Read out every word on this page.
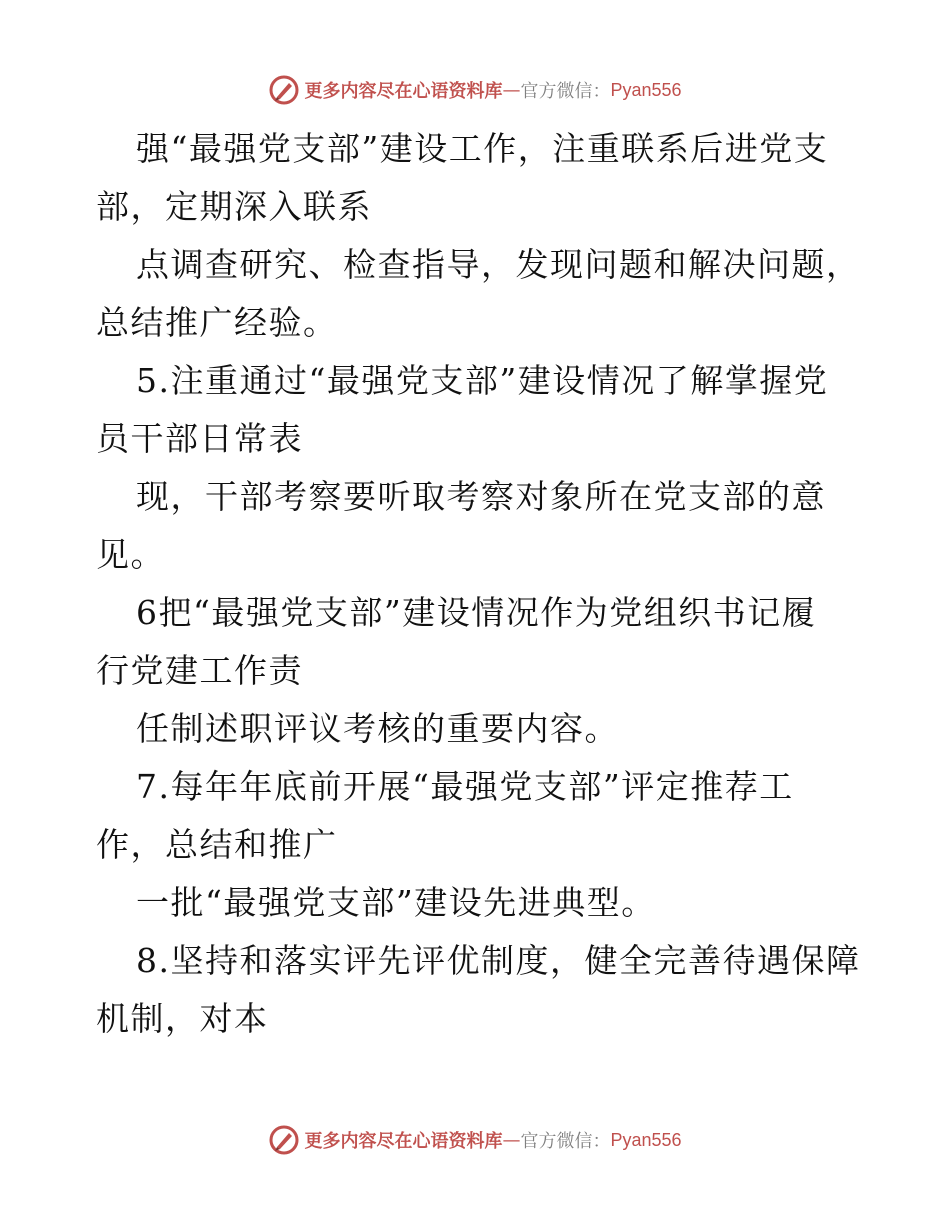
更多内容尽在心语资料库 — 官方微信： Pyan556
强“最强党支部”建设工作，注重联系后进党支
部，定期深入联系
点调查研究、检查指导，发现问题和解决问题，
总结推广经验。
5.注重通过“最强党支部”建设情况了解掌握党
员干部日常表
现，干部考察要听取考察对象所在党支部的意
见。
6把“最强党支部”建设情况作为党组织书记履
行党建工作责
任制述职评议考核的重要内容。
7.每年年底前开展“最强党支部”评定推荐工
作，总结和推广
一批“最强党支部”建设先进典型。
8.坚持和落实评先评优制度，健全完善待遇保障
机制，对本
更多内容尽在心语资料库 — 官方微信： Pyan556
